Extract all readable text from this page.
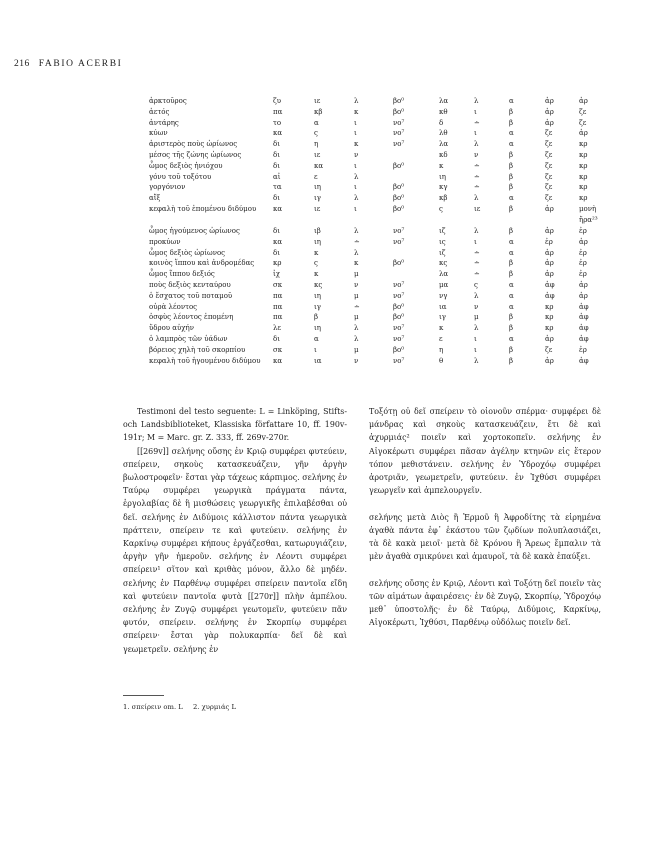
216 FABIO ACERBI
ἀρκτοῦρος	ζυ	ιε	λ	βο⁰	λα	λ	α	ἀρ	ἀρ
ἀετός	πα	κβ	κ	βο⁰	κθ	ι	β	ἀρ	ζε
ἀντάρης	το	α	ι	νο⁷	δ	∸	β	ἀρ	ζε
κύων	κα	ς	ι	νο⁷	λθ	ι	α	ζε	ἀρ
ἀριστερὸς ποὺς ὠρίωνος	δι	η	κ	νο⁷	λα	λ	α	ζε	κρ
μέσος τῆς ζώνης ὠρίωνος	δι	ιε	ν	κδ	ν	β	ζε	κρ
ὦμος δεξιὸς ἡνιόχου	δι	κα	ι	βο⁰	κ	∸	β	ζε	κρ
γόνυ τοῦ τοξότου	αἰ	ε	λ	ιη	∸	β	ζε	κρ
γοργόνιον	τα	ιη	ι	βο⁰	κγ	∸	β	ζε	κρ
αἴξ	δι	ιγ	λ	βο⁰	κβ	λ	α	ζε	κρ
κεφαλὴ τοῦ ἑπομένου διδύμου κα	ιε	ι	βο⁰	ς	ιε	β	ἀρ	μονὴ
ἤρα²³
ὦμος ἡγούμενος ὠρίωνος	δι	ιβ	λ	νο⁷	ιζ	λ	β	ἀρ	ἐρ
προκύων	κα	ιη	∸	νο⁷	ις	ι	α	ἐρ	ἀρ
ὦμος δεξιὸς ὠρίωνος	δι	κ	λ	ιζ	∸	α	ἀρ	ἐρ
κοινὸς ἵππου καὶ ἀνδρομέδας	κρ	ς	κ	βο⁰	κς	∸	β	ἀρ	ἐρ
ὦμος ἵππου δεξιός	ἰχ	κ	μ	λα	∸	β	ἀρ	ἐρ
ποὺς δεξιὸς κενταύρου	σκ	κς	ν	νο⁷	μα	ς	α	ἀφ	ἀρ
ὁ ἔσχατος τοῦ ποταμοῦ	πα	ιη	μ	νο⁷	νγ	λ	α	ἀφ	ἀρ
οὐρὰ λέοντος	πα	ιγ	∸	βο⁰	ια	ν	α	κρ	ἀφ
ὀσφὺς λέοντος ἑπομένη	πα	β	μ	βο⁰	ιγ	μ	β	κρ	ἀφ
ὕδρου αὐχήν	λε	ιη	λ	νο⁷	κ	λ	β	κρ	ἀφ
ὁ λαμπρὸς τῶν ὑάδων	δι	α	λ	νο⁷	ε	ι	α	ἀρ	ἀφ
βόρειος χηλὴ τοῦ σκορπίου	σκ	ι	μ	βο⁰	η	ι	β	ζε	ἐρ
κεφαλὴ τοῦ ἡγουμένου διδύμου κα	ια	ν	νο⁷	θ	λ	β	ἀρ	ἀφ

Testimoni del testo seguente: L = Linköping, Stifts- och Landsbiblioteket, Klassiska författare 10, ff. 190v-191r; M = Marc. gr. Z. 333, ff. 269v-270r.

[[269v]] σελήνης οὔσης ἐν Κριῷ συμφέρει φυτεύειν, σπείρειν, σηκοὺς κατασκευάζειν, γῆν ἀργὴν βωλοστροφεῖν· ἔσται γὰρ τάχεως κάρπιμος. σελήνης ἐν Ταύρῳ συμφέρει γεωργικὰ πράγματα πάντα, ἐργολαβίας δὲ ἢ μισθώσεις γεωργικῆς ἐπιλαβέσθαι οὐ δεῖ. σελήνης ἐν Διδύμοις κάλλιστον πάντα γεωργικὰ πράττειν, σπείρειν τε καὶ φυτεύειν. σελήνης ἐν Καρκίνῳ συμφέρει κήπους ἐργάζεσθαι, κατωρυγιάζειν, ἀργὴν γῆν ἡμεροῦν. σελήνης ἐν Λέοντι συμφέρει σπείρειν¹ σῖτον καὶ κριθὰς μόνον, ἄλλο δὲ μηδέν. σελήνης ἐν Παρθένῳ συμφέρει σπείρειν παντοῖα εἴδη καὶ φυτεύειν παντοῖα φυτὰ [[270r]] πλὴν ἀμπέλου. σελήνης ἐν Ζυγῷ συμφέρει γεωτομεῖν, φυτεύειν πᾶν φυτόν, σπείρειν. σελήνης ἐν Σκορπίῳ συμφέρει σπείρειν· ἔσται γὰρ πολυκαρπία· δεῖ δὲ καὶ γεωμετρεῖν. σελήνης ἐν

Τοξότῃ οὐ δεῖ σπείρειν τὸ οἱονοῦν σπέρμα· συμφέρει δὲ μάνδρας καὶ σηκοὺς κατασκευάζειν, ἔτι δὲ καὶ ἀχυρμιάς² ποιεῖν καὶ χορτοκοπεῖν. σελήνης ἐν Αἰγοκέρωτι συμφέρει πᾶσαν ἀγέλην κτηνῶν εἰς ἕτερον τόπον μεθιστάνειν. σελήνης ἐν Ὑδροχόῳ συμφέρει ἀροτριᾶν, γεωμετρεῖν, φυτεύειν. ἐν Ἰχθύσι συμφέρει γεωργεῖν καὶ ἀμπελουργεῖν.

σελήνης μετὰ Διὸς ἢ Ἑρμοῦ ἢ Ἀφροδίτης τὰ εἰρημένα ἀγαθὰ πάντα ἐφ᾿ ἑκάστου τῶν ζῳδίων πολυπλασιάζει, τὰ δὲ κακὰ μειοῖ· μετὰ δὲ Κρόνου ἢ Ἄρεως ἔμπαλιν τὰ μὲν ἀγαθὰ σμικρύνει καὶ ἀμαυροῖ, τὰ δὲ κακὰ ἐπαύξει.

σελήνης οὔσης ἐν Κριῷ, Λέοντι καὶ Τοξότῃ δεῖ ποιεῖν τὰς τῶν αἱμάτων ἀφαιρέσεις· ἐν δὲ Ζυγῷ, Σκορπίῳ, Ὑδροχόῳ μεθ᾿ ὑποστολῆς· ἐν δὲ Ταύρῳ, Διδύμοις, Καρκίνῳ, Αἰγοκέρωτι, Ἰχθύσι, Παρθένῳ οὐδόλως ποιεῖν δεῖ.

1. σπείρειν om. L 2. χυρμιάς L
